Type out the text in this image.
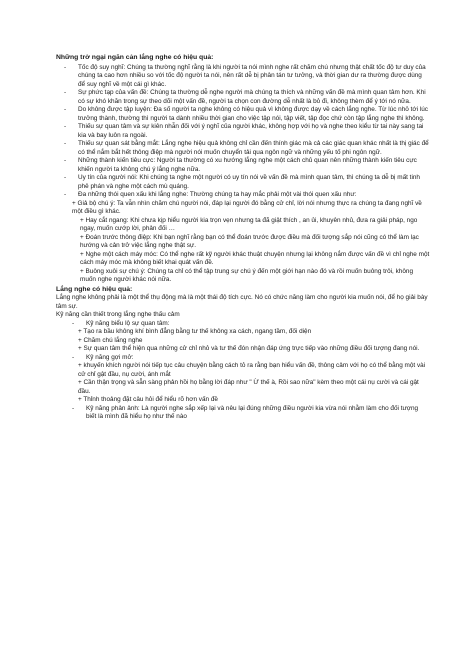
Những trở ngại ngăn cản lắng nghe có hiệu quả:
-	Tốc độ suy nghĩ: Chúng ta thường nghĩ rằng là khi người ta nói mình nghe rất chăm chú nhưng thật chất tốc độ tư duy của chúng ta cao hơn nhiều so với tốc độ người ta nói, nên rất dễ bị phân tán tư tưởng, và thời gian dư ra thường được dùng để suy nghĩ về một cái gì khác.
-	Sự phức tạp của vấn đề: Chúng ta thường dễ nghe người mà chúng ta thích và những vấn đề mà mình quan tâm hơn. Khi có sự khó khăn trong sự theo dõi một vấn đề, người ta chọn con đường dễ nhất là bỏ đi, không thèm để ý tới nó nữa.
-	Do không được tập luyện: Đa số người ta nghe không có hiệu quả vì không được dạy về cách lắng nghe. Từ lúc nhỏ tới lúc trưởng thành, thường thì người ta dành nhiều thời gian cho việc tập nói, tập viết, tập đọc chứ còn tập lắng nghe thì không.
-	Thiếu sự quan tâm và sự kiên nhẫn đối với ý nghĩ của người khác, không hợp với họ và nghe theo kiểu từ tai này sang tai kia và bay luôn ra ngoài.
-	Thiếu sự quan sát bằng mắt: Lắng nghe hiệu quả không chỉ cần đến thính giác mà cả các giác quan khác nhất là thị giác để có thể nắm bắt hết thông điệp mà người nói muốn chuyển tải qua ngôn ngữ và những yếu tố phi ngôn ngữ.
-	Những thành kiến tiêu cực: Người ta thường có xu hướng lắng nghe một cách chủ quan nên những thành kiến tiêu cực khiến người ta không chú ý lắng nghe nữa.
-	Uy tín của người nói: Khi chúng ta nghe một người có uy tín nói về vấn đề mà mình quan tâm, thì chúng ta dễ bị mất tinh phê phán và nghe một cách mù quáng.
-	Đa những thói quen xấu khi lắng nghe: Thường chúng ta hay mắc phải một vài thói quen xấu như:
+ Giả bộ chú ý: Ta vẫn nhìn chăm chú người nói, đáp lại người đó bằng cử chỉ, lời nói nhưng thực ra chúng ta đang nghĩ về một điều gì khác.
+ Hay cắt ngang: Khi chưa kịp hiểu người kia trọn vẹn nhưng ta đã giật thích , an ủi, khuyên nhủ, đưa ra giải pháp, ngo ngay, muốn cướp lời, phản đối …
+ Đoán trước thông điệp: Khi bạn nghĩ rằng bạn có thể đoán trước được điều mà đối tượng sắp nói cũng có thể làm lạc hướng và cản trở việc lắng nghe thật sự.
+ Nghe một cách máy móc: Có thể nghe rất kỹ người khác thuật chuyện nhưng lại không nắm được vấn đề vì chỉ nghe một cách máy móc mà không biết khai quát vấn đề.
+ Buông xuôi sự chú ý: Chúng ta chỉ có thể tập trung sự chú ý đến một giới hạn nào đó và rồi muốn buông trôi, không muốn nghe người khác nói nữa.
Lắng nghe có hiệu quả:
Lắng nghe không phải là một thể thụ động mà là một thái độ tích cực. Nó có chức năng làm cho người kia muốn nói, để họ giải bày tâm sự.
Kỹ năng cần thiết trong lắng nghe thấu cảm
-	Kỹ năng biểu lộ sự quan tâm:
+ Tạo ra bầu không khí bình đẳng bằng tư thế không xa cách, ngang tầm, đối diện
+ Chăm chú lắng nghe
+ Sự quan tâm thể hiện qua những cử chỉ nhỏ và tư thế đón nhận đáp ứng trực tiếp vào những điều đối tượng đang nói.
-	Kỹ năng gợi mở:
+ khuyến khích người nói tiếp tục câu chuyện bằng cách tỏ ra rằng bạn hiểu vấn đề, thông cảm với họ có thể bằng một vài cử chỉ gật đầu, nụ cười, ánh mắt
+ Cần thận trọng và sẵn sàng phản hồi họ bằng lời đáp như " Ừ thế à, Rồi sao nữa" kèm theo một cái nụ cười và cái gật đầu.
+ Thỉnh thoảng đặt câu hỏi để hiểu rõ hơn vấn đề
-	Kỹ năng phản ảnh: Là người nghe sắp xếp lại và nêu lại đúng những điều người kia vừa nói nhằm làm cho đối tượng biết là mình đã hiểu họ như thế nào
